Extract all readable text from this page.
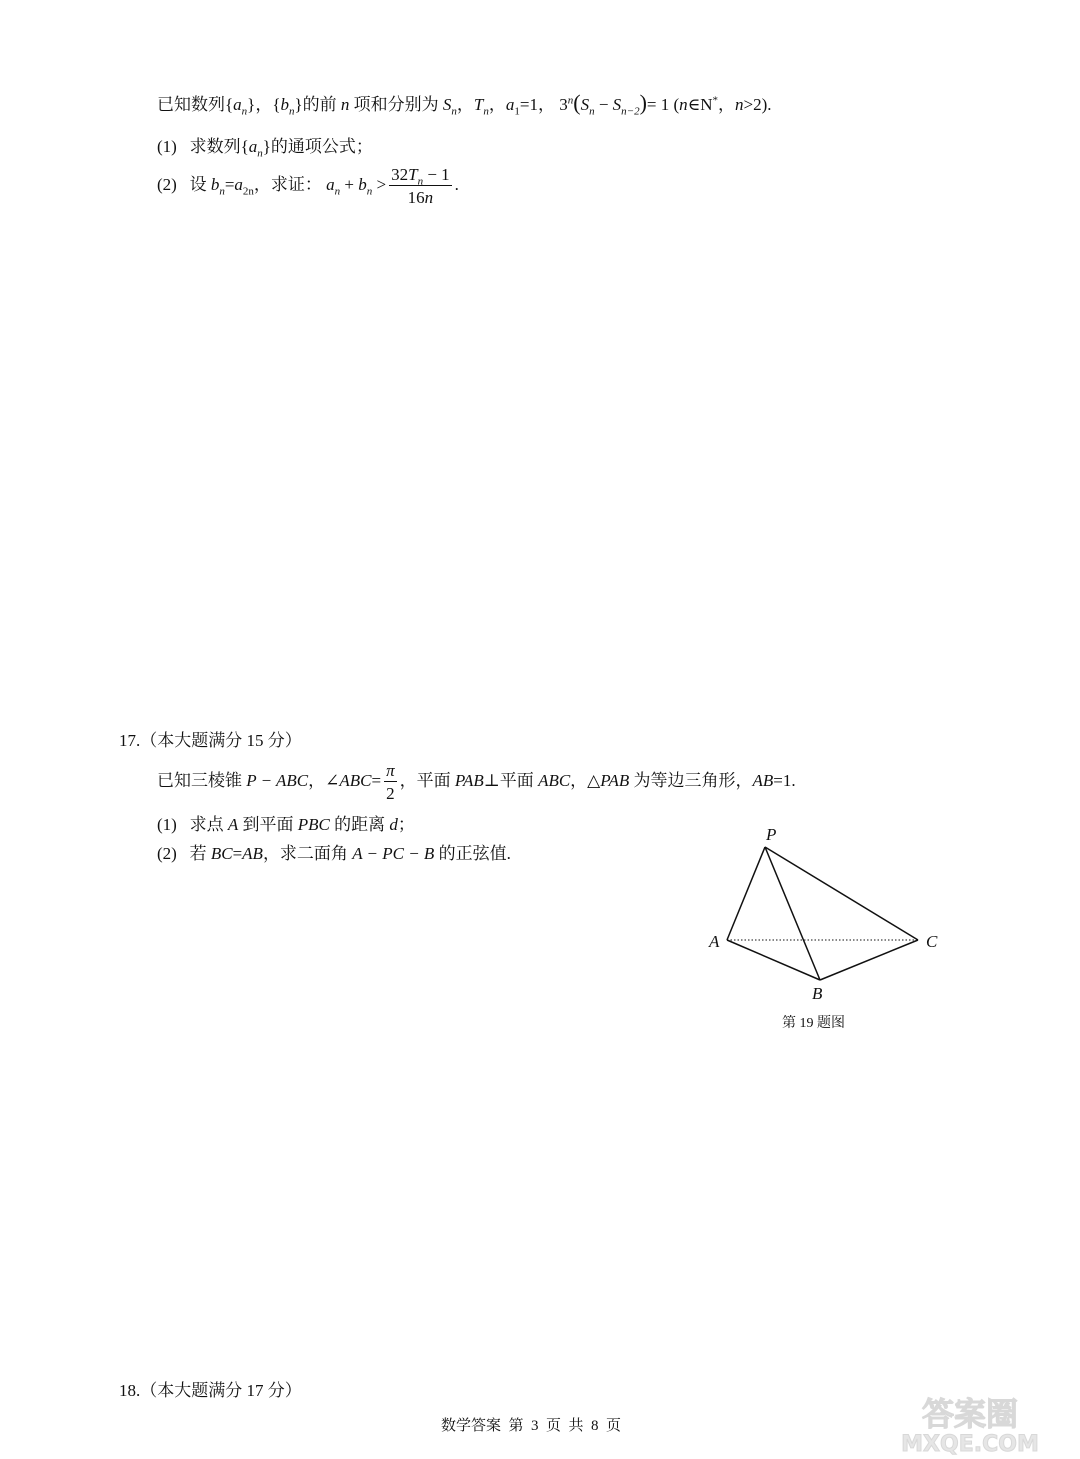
已知数列$\{a_n\}$，$\{b_n\}$的前 n 项和分别为 $S_n$，$T_n$，$a_1=1$， $3^n(S_n - S_{n-2})= 1$ (n∈N*，n>2).
(1) 求数列$\{a_n\}$的通项公式；
(2) 设 $b_n=a_{2n}$，求证： $a_n + b_n > \frac{32T_n - 1}{16n}$ .
17.（本大题满分 15 分）
已知三棱锥 P − ABC，∠ABC= $\frac{\pi}{2}$ ，平面 PAB⊥平面 ABC，△PAB 为等边三角形，AB=1.
(1) 求点 A 到平面 PBC 的距离 d；
(2) 若 BC=AB，求二面角 A − PC − B 的正弦值.
P
A	C
B
第 19 题图
18.（本大题满分 17 分）
数学答案  第  3  页  共  8  页	答案圈
MXQE.COM
